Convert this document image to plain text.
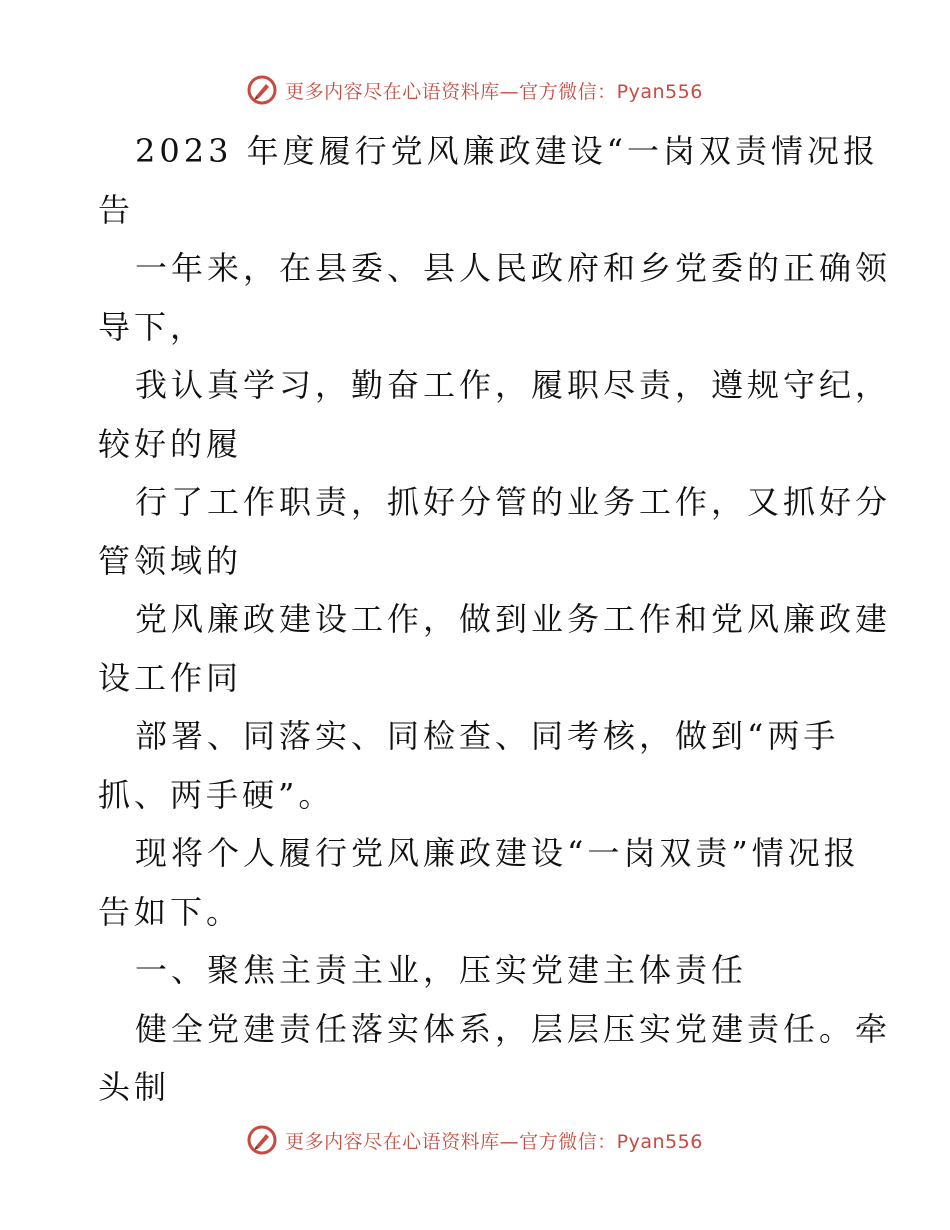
更多内容尽在心语资料库—官方微信：Pyan556
2023 年度履行党风廉政建设“一岗双责情况报
告
一年来，在县委、县人民政府和乡党委的正确领
导下，
我认真学习，勤奋工作，履职尽责，遵规守纪，
较好的履
行了工作职责，抓好分管的业务工作，又抓好分
管领域的
党风廉政建设工作，做到业务工作和党风廉政建
设工作同
部署、同落实、同检查、同考核，做到“两手
抓、两手硬”。
现将个人履行党风廉政建设“一岗双责”情况报
告如下。
一、聚焦主责主业，压实党建主体责任
健全党建责任落实体系，层层压实党建责任。牵
头制
更多内容尽在心语资料库—官方微信：Pyan556
